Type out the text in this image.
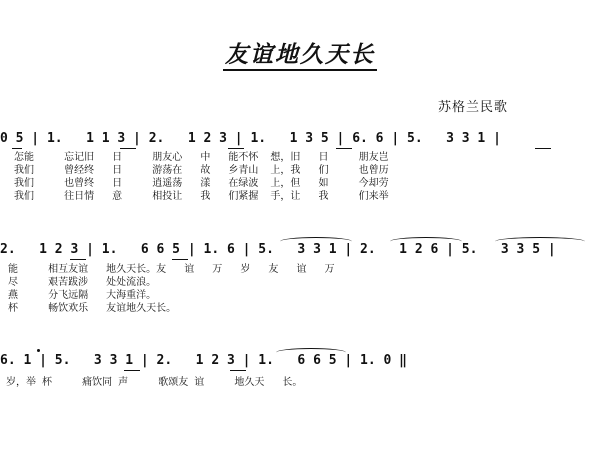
友谊地久天长
苏格兰民歌
0 5 | 1.   1 1 3 | 2.   1 2 3 | 1.   1 3 5 | 6. 6 | 5.   3 3 1 |
怎能     忘记旧   日     朋友心   中   能不怀  想，旧   日     朋友岂
我们     曾经终   日     游荡在   故   乡青山  上，我   们     也曾历
我们     也曾终   日     逍遥荡   漾   在绿波  上，但   如     今却劳
我们     往日情   意     相投让   我   们紧握  手，让   我     们来举
2.   1 2 3 | 1.   6 6 5 | 1. 6 | 5.   3 3 1 | 2.   1 2 6 | 5.   3 3 5 |
能     相互友谊   地久天长。友   谊   万   岁   友   谊   万
尽     艰苦跋涉   处处流浪。
燕     分飞远隔   大海重洋。
杯     畅饮欢乐   友谊地久天长。
6. 1 | 5.   3 3 1 | 2.   1 2 3 | 1.   6 6 5 | 1. 0 ‖
岁，举 杯     痛饮同 声     歌颂友 谊     地久天   长。
